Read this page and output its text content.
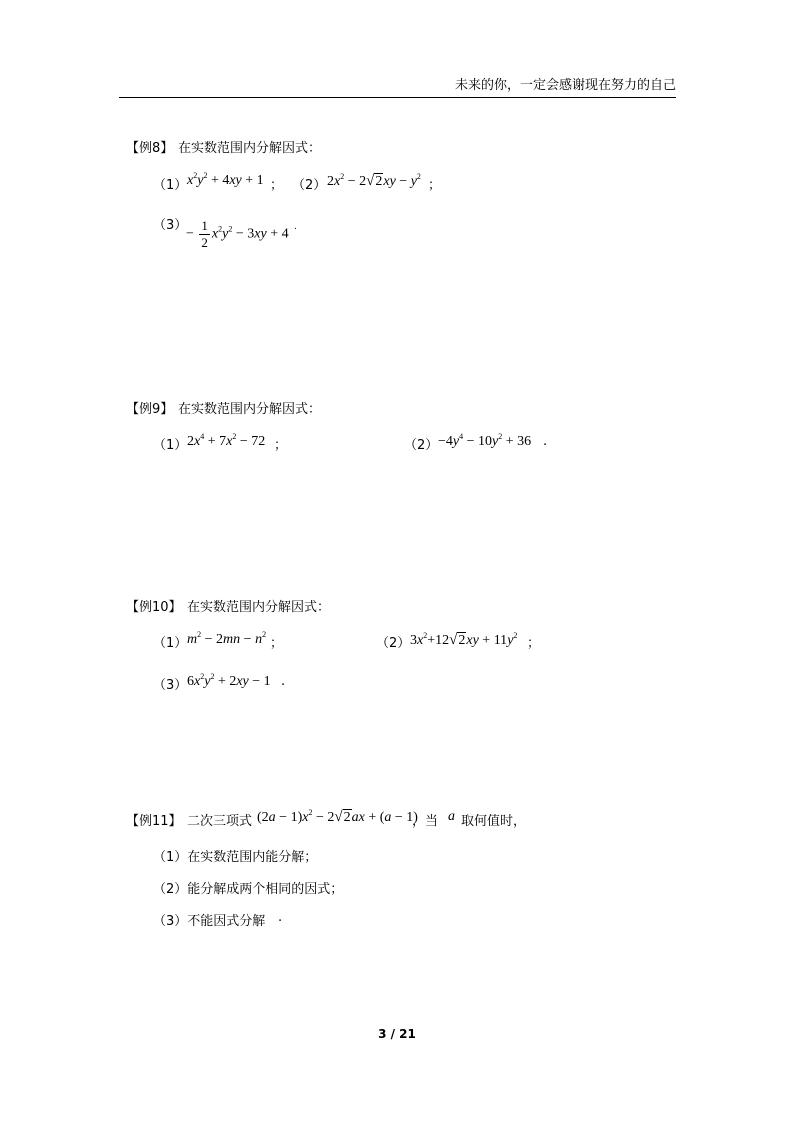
未来的你，一定会感谢现在努力的自己
【例8】 在实数范围内分解因式：
（1） $x^2y^2 + 4xy + 1$ ； （2） $2x^2 - 2√2xy - y^2$
；
（3）
− $\frac{1}{2} x^2y^2 - 3xy + 4$ .
【例9】 在实数范围内分解因式：
（1） $2x^4 + 7x^2 - 72$ ；	$(2) -4y^4 - 10y^2 + 36$ .
【例10】 在实数范围内分解因式：
（1） $m^2 - 2mn - n^2$
；	（2） $3x^2+12√2xy + 11y^2$
；
（3） $6x^2y^2 + 2xy - 1$ .
【例11】 二次三项式 $(2a - 1)x^2 - 2√2ax + (a - 1)$
，当 a 取何值时，
（1）在实数范围内能分解；
（2）能分解成两个相同的因式；
（3）不能因式分解 .
3 / 21
